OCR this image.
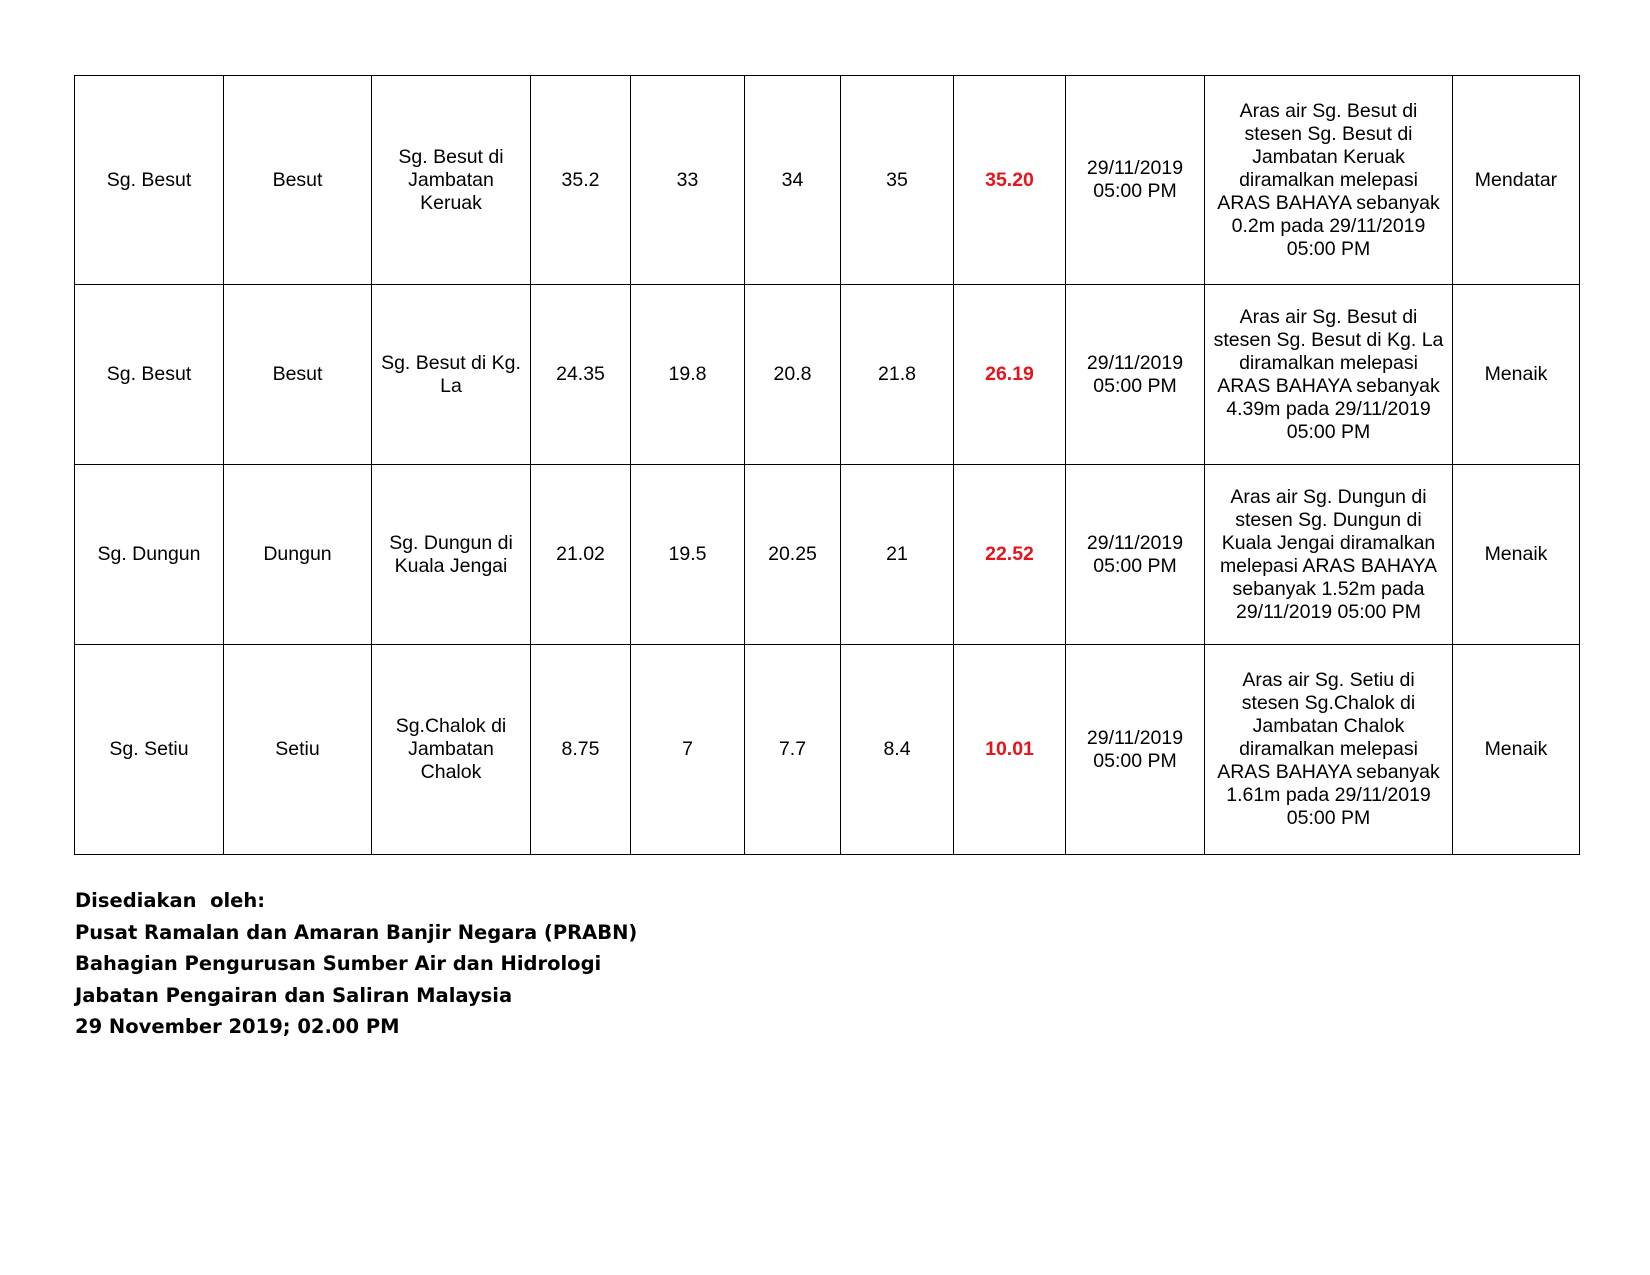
Sg. Besut	Besut	Sg. Besut di Jambatan Keruak	35.2	33	34	35	35.20	29/11/2019 05:00 PM	Aras air Sg. Besut di stesen Sg. Besut di Jambatan Keruak diramalkan melepasi ARAS BAHAYA sebanyak 0.2m pada 29/11/2019 05:00 PM	Mendatar
Sg. Besut	Besut	Sg. Besut di Kg. La	24.35	19.8	20.8	21.8	26.19	29/11/2019 05:00 PM	Aras air Sg. Besut di stesen Sg. Besut di Kg. La diramalkan melepasi ARAS BAHAYA sebanyak 4.39m pada 29/11/2019 05:00 PM	Menaik
Sg. Dungun	Dungun	Sg. Dungun di Kuala Jengai	21.02	19.5	20.25	21	22.52	29/11/2019 05:00 PM	Aras air Sg. Dungun di stesen Sg. Dungun di Kuala Jengai diramalkan melepasi ARAS BAHAYA sebanyak 1.52m pada 29/11/2019 05:00 PM	Menaik
Sg. Setiu	Setiu	Sg.Chalok di Jambatan Chalok	8.75	7	7.7	8.4	10.01	29/11/2019 05:00 PM	Aras air Sg. Setiu di stesen Sg.Chalok di Jambatan Chalok diramalkan melepasi ARAS BAHAYA sebanyak 1.61m pada 29/11/2019 05:00 PM	Menaik
Disediakan  oleh:
Pusat Ramalan dan Amaran Banjir Negara (PRABN)
Bahagian Pengurusan Sumber Air dan Hidrologi
Jabatan Pengairan dan Saliran Malaysia
29 November 2019; 02.00 PM
